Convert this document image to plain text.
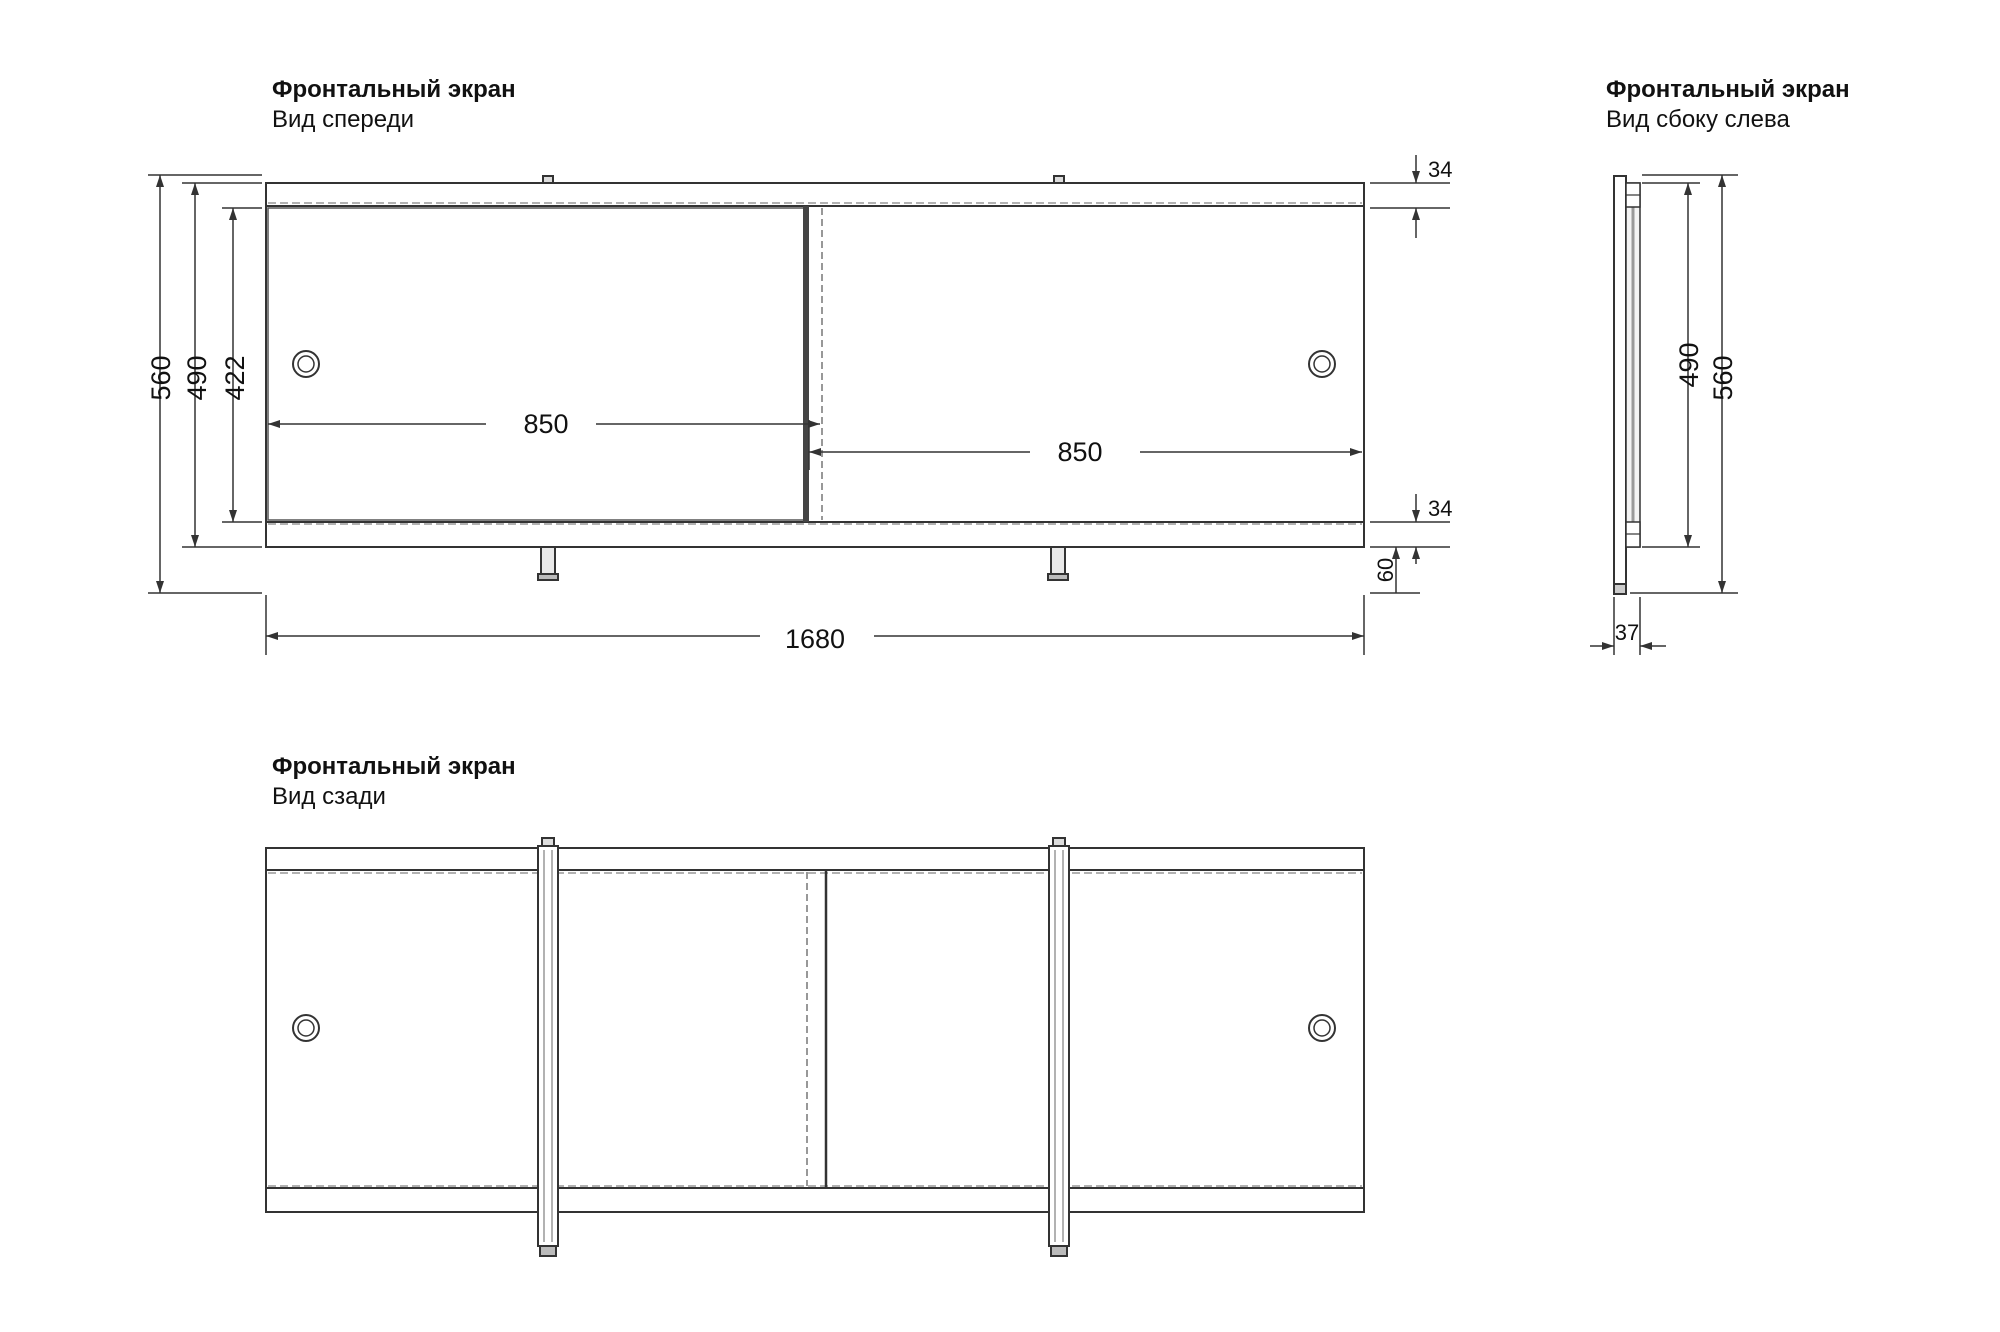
Фронтальный экран
Вид спереди
Фронтальный экран
Вид сбоку слева
Фронтальный экран
Вид сзади
850
850
1680
560 490 422
34
34
60
490 560
37
